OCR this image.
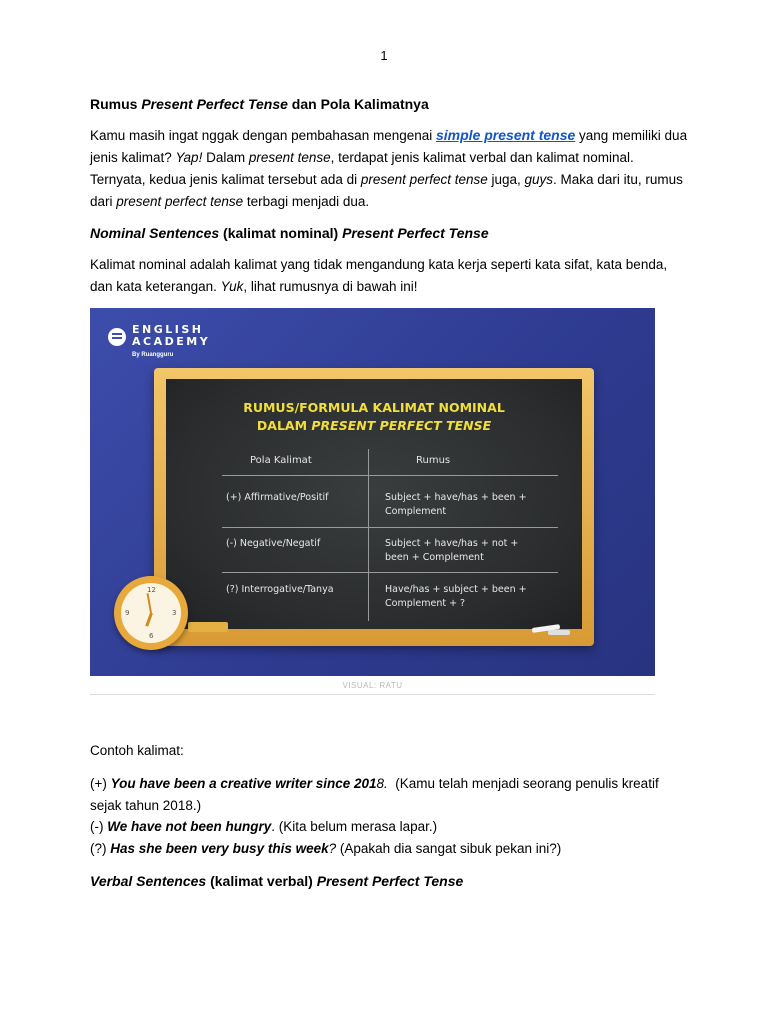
1
Rumus Present Perfect Tense dan Pola Kalimatnya
Kamu masih ingat nggak dengan pembahasan mengenai simple present tense yang memiliki dua jenis kalimat? Yap! Dalam present tense, terdapat jenis kalimat verbal dan kalimat nominal. Ternyata, kedua jenis kalimat tersebut ada di present perfect tense juga, guys. Maka dari itu, rumus dari present perfect tense terbagi menjadi dua.
Nominal Sentences (kalimat nominal) Present Perfect Tense
Kalimat nominal adalah kalimat yang tidak mengandung kata kerja seperti kata sifat, kata benda, dan kata keterangan. Yuk, lihat rumusnya di bawah ini!
ENGLISH
ACADEMY
By Ruangguru
RUMUS/FORMULA KALIMAT NOMINAL
DALAM PRESENT PERFECT TENSE
Pola Kalimat	Rumus
(+) Affirmative/Positif	Subject + have/has + been + Complement
(-) Negative/Negatif	Subject + have/has + not + been + Complement
(?) Interrogative/Tanya	Have/has + subject + been + Complement + ?
12
3
6
9
VISUAL: RATU
Contoh kalimat:
(+) You have been a creative writer since 2018.  (Kamu telah menjadi seorang penulis kreatif sejak tahun 2018.)
(-) We have not been hungry. (Kita belum merasa lapar.)
(?) Has she been very busy this week? (Apakah dia sangat sibuk pekan ini?)
Verbal Sentences (kalimat verbal) Present Perfect Tense
